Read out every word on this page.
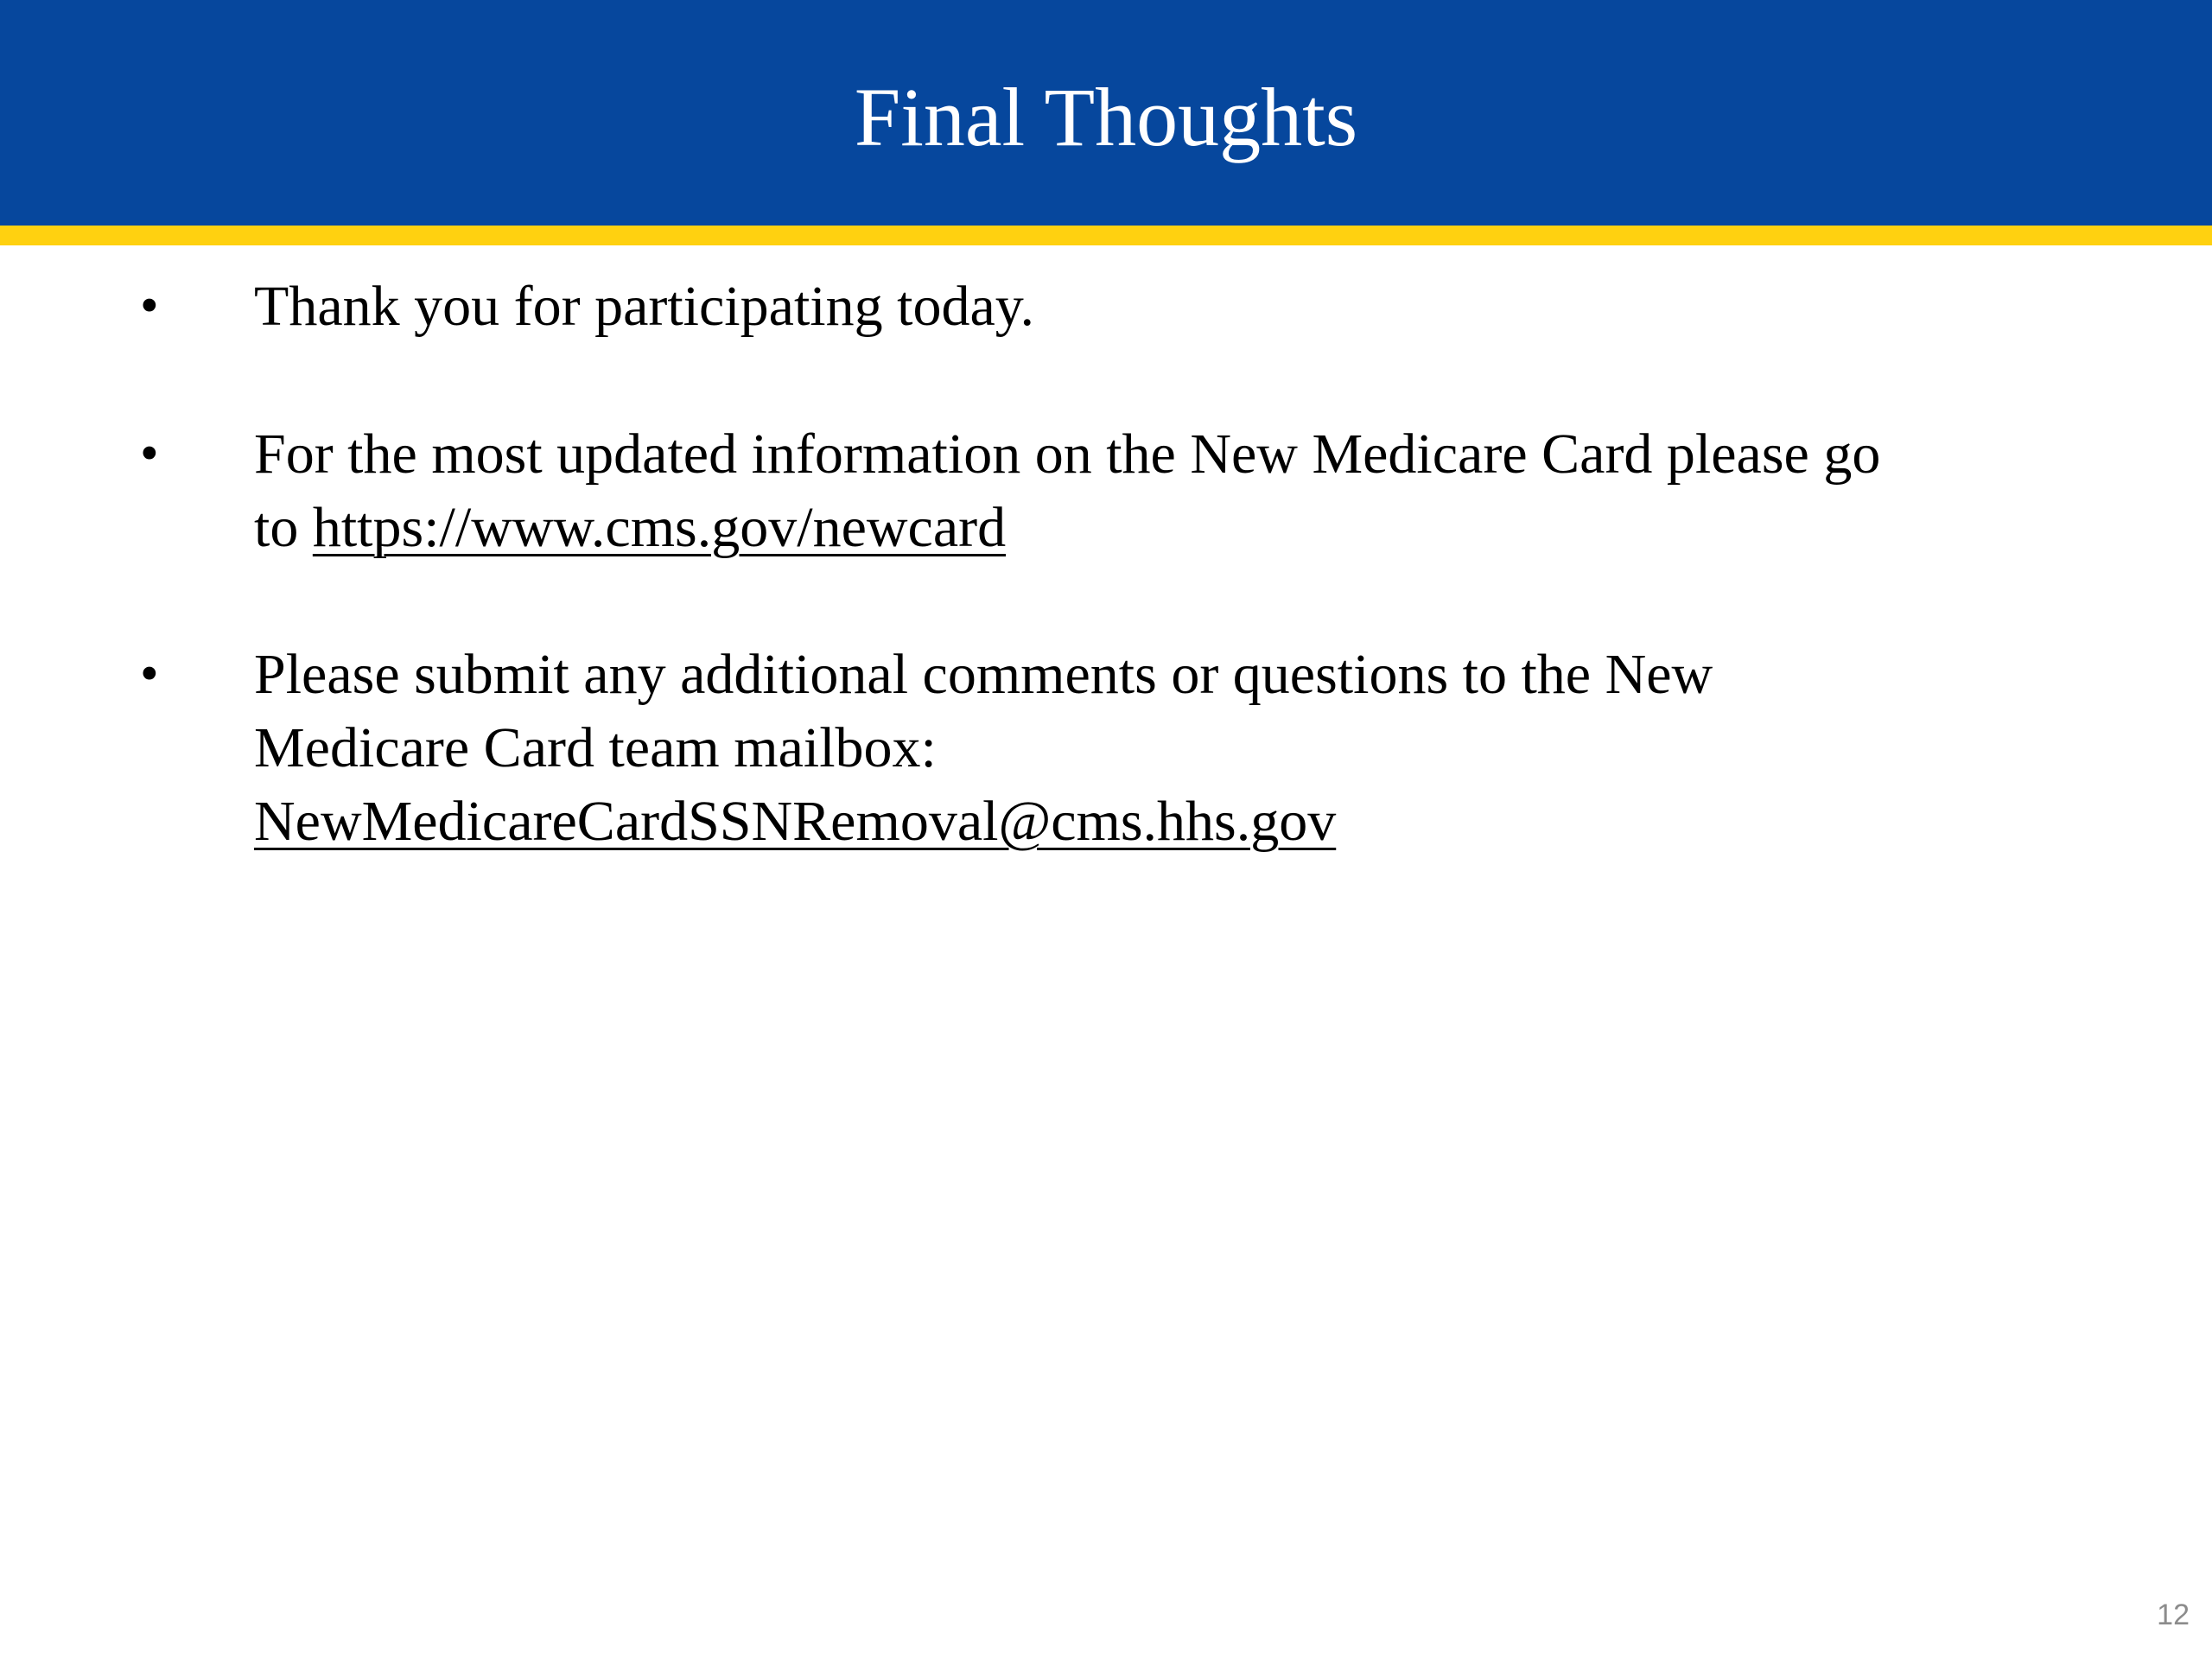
Final Thoughts
• Thank you for participating today.
• For the most updated information on the New Medicare Card please go
to https://www.cms.gov/newcard
• Please submit any additional comments or questions to the New
Medicare Card team mailbox:
NewMedicareCardSSNRemoval@cms.hhs.gov
12
